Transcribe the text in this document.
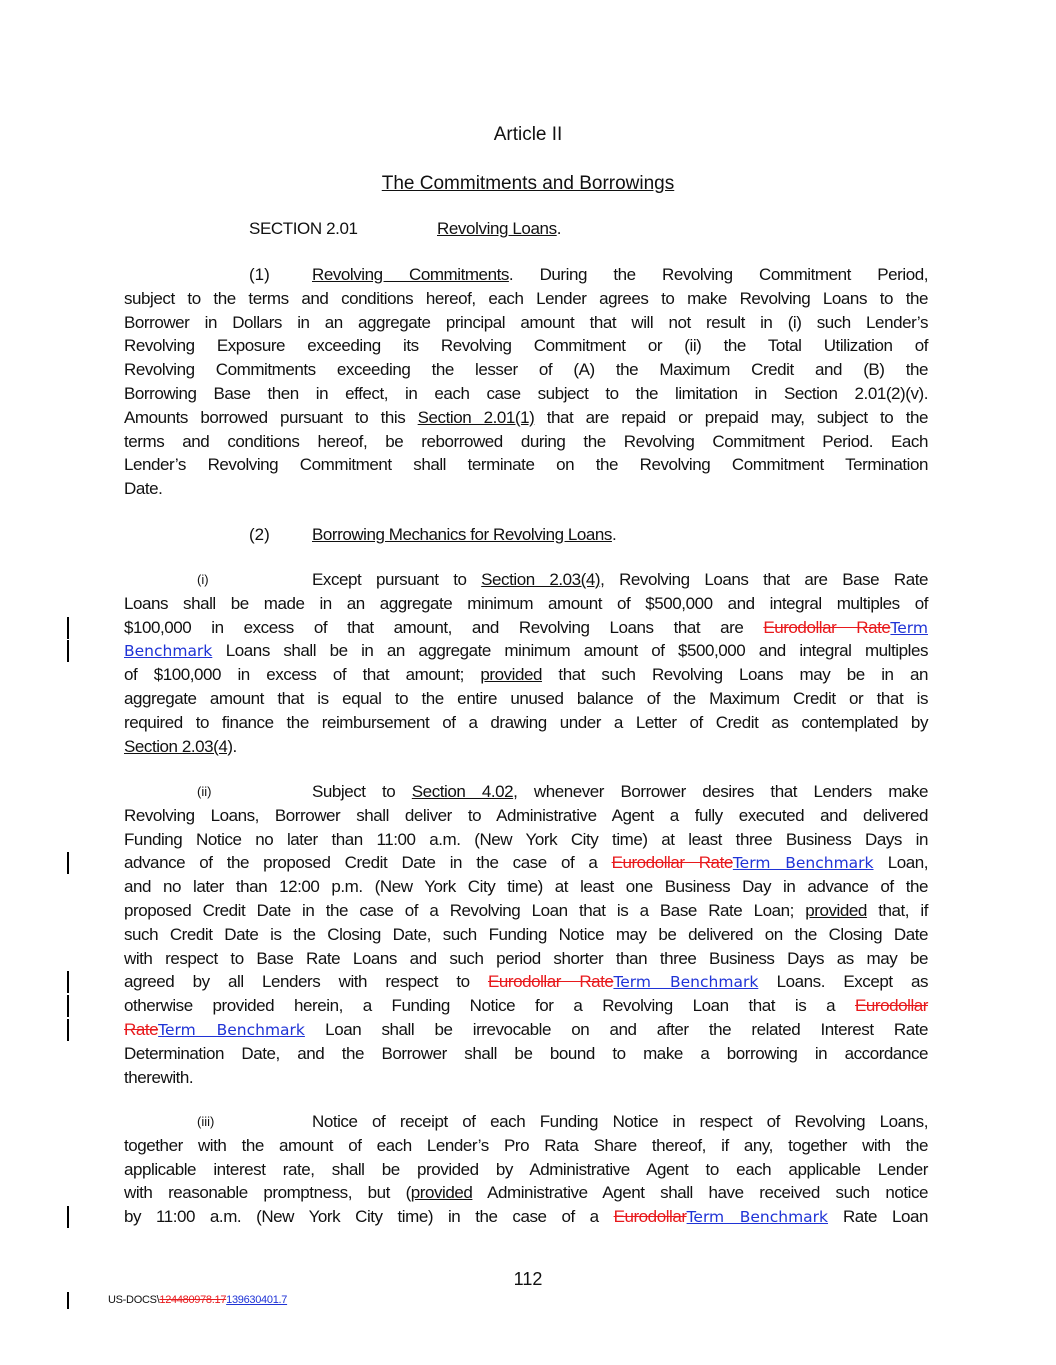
Article II
The Commitments and Borrowings
SECTION 2.01	Revolving Loans.
(1) Revolving Commitments. During the Revolving Commitment Period,
subject to the terms and conditions hereof, each Lender agrees to make Revolving Loans to the
Borrower in Dollars in an aggregate principal amount that will not result in (i) such Lender’s
Revolving Exposure exceeding its Revolving Commitment or (ii) the Total Utilization of
Revolving Commitments exceeding the lesser of (A) the Maximum Credit and (B) the
Borrowing Base then in effect, in each case subject to the limitation in Section 2.01(2)(v).
Amounts borrowed pursuant to this Section 2.01(1) that are repaid or prepaid may, subject to the
terms and conditions hereof, be reborrowed during the Revolving Commitment Period. Each
Lender’s Revolving Commitment shall terminate on the Revolving Commitment Termination
Date.
(2) Borrowing Mechanics for Revolving Loans.
(i)	Except pursuant to Section 2.03(4), Revolving Loans that are Base Rate
Loans shall be made in an aggregate minimum amount of $500,000 and integral multiples of
$100,000 in excess of that amount, and Revolving Loans that are Eurodollar RateTerm
Benchmark Loans shall be in an aggregate minimum amount of $500,000 and integral multiples
of $100,000 in excess of that amount; provided that such Revolving Loans may be in an
aggregate amount that is equal to the entire unused balance of the Maximum Credit or that is
required to finance the reimbursement of a drawing under a Letter of Credit as contemplated by
Section 2.03(4).
(ii)	Subject to Section 4.02, whenever Borrower desires that Lenders make
Revolving Loans, Borrower shall deliver to Administrative Agent a fully executed and delivered
Funding Notice no later than 11:00 a.m. (New York City time) at least three Business Days in
advance of the proposed Credit Date in the case of a Eurodollar RateTerm Benchmark Loan,
and no later than 12:00 p.m. (New York City time) at least one Business Day in advance of the
proposed Credit Date in the case of a Revolving Loan that is a Base Rate Loan; provided that, if
such Credit Date is the Closing Date, such Funding Notice may be delivered on the Closing Date
with respect to Base Rate Loans and such period shorter than three Business Days as may be
agreed by all Lenders with respect to Eurodollar RateTerm Benchmark Loans. Except as
otherwise provided herein, a Funding Notice for a Revolving Loan that is a Eurodollar
RateTerm Benchmark Loan shall be irrevocable on and after the related Interest Rate
Determination Date, and the Borrower shall be bound to make a borrowing in accordance
therewith.
(iii)	Notice of receipt of each Funding Notice in respect of Revolving Loans,
together with the amount of each Lender’s Pro Rata Share thereof, if any, together with the
applicable interest rate, shall be provided by Administrative Agent to each applicable Lender
with reasonable promptness, but (provided Administrative Agent shall have received such notice
by 11:00 a.m. (New York City time) in the case of a EurodollarTerm Benchmark Rate Loan
112
US-DOCS\124480978.17139630401.7
